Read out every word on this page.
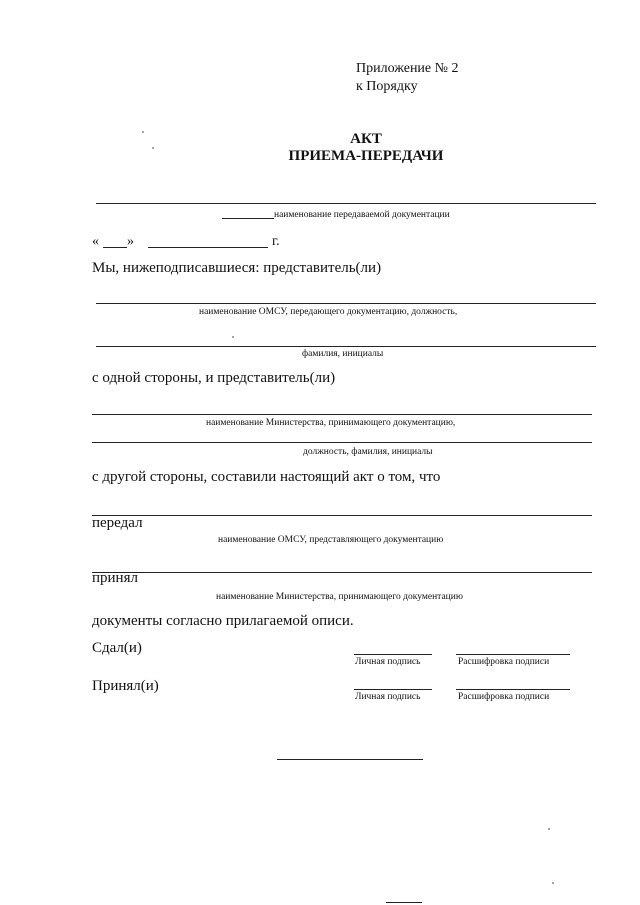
Приложение № 2
к Порядку
АКТ
ПРИЕМА-ПЕРЕДАЧИ
наименование передаваемой документации
« »	г.
Мы, нижеподписавшиеся: представитель(ли)
наименование ОМСУ, передающего документацию, должность,
фамилия, инициалы
с одной стороны, и представитель(ли)
наименование Министерства, принимающего документацию,
должность, фамилия, инициалы
с другой стороны, составили настоящий акт о том, что
передал
наименование ОМСУ, представляющего документацию
принял
наименование Министерства, принимающего документацию
документы согласно прилагаемой описи.
Сдал(и)
Личная подпись	Расшифровка подписи
Принял(и)
Личная подпись	Расшифровка подписи
